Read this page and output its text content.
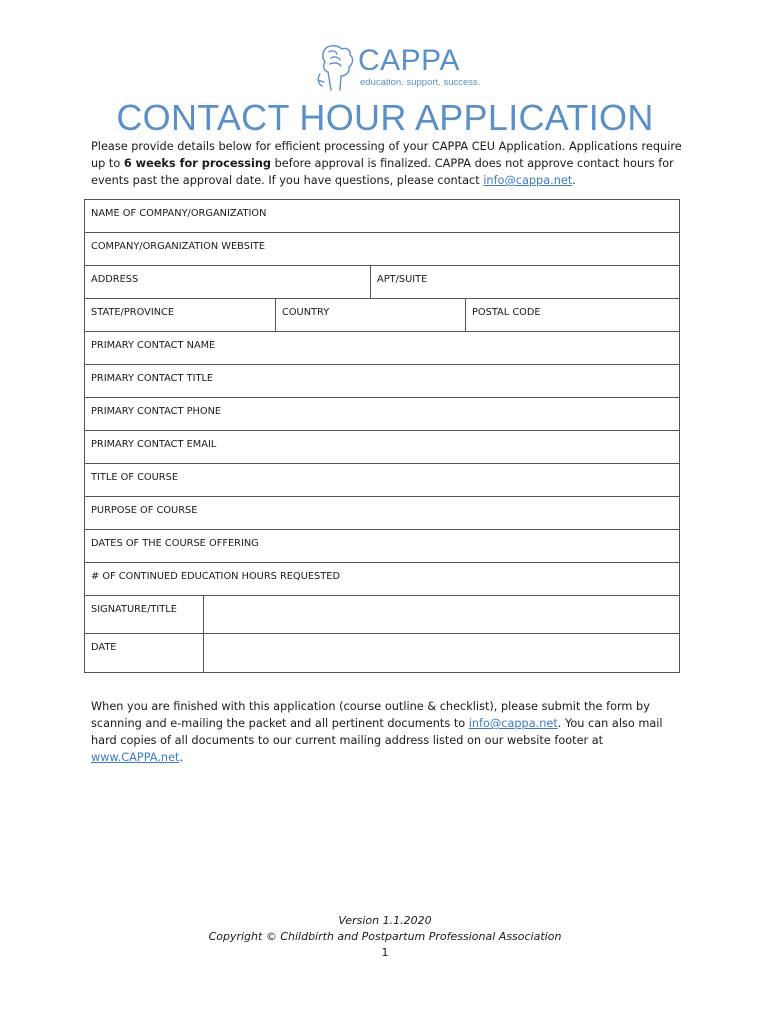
CAPPA
education. support. success.
CONTACT HOUR APPLICATION
Please provide details below for efficient processing of your CAPPA CEU Application. Applications require up to 6 weeks for processing before approval is finalized. CAPPA does not approve contact hours for events past the approval date. If you have questions, please contact info@cappa.net.
NAME OF COMPANY/ORGANIZATION
COMPANY/ORGANIZATION WEBSITE
ADDRESS	APT/SUITE
STATE/PROVINCE	COUNTRY	POSTAL CODE
PRIMARY CONTACT NAME
PRIMARY CONTACT TITLE
PRIMARY CONTACT PHONE
PRIMARY CONTACT EMAIL
TITLE OF COURSE
PURPOSE OF COURSE
DATES OF THE COURSE OFFERING
# OF CONTINUED EDUCATION HOURS REQUESTED
SIGNATURE/TITLE
DATE
When you are finished with this application (course outline & checklist), please submit the form by scanning and e-mailing the packet and all pertinent documents to info@cappa.net. You can also mail hard copies of all documents to our current mailing address listed on our website footer at www.CAPPA.net.
Version 1.1.2020
Copyright © Childbirth and Postpartum Professional Association
1
